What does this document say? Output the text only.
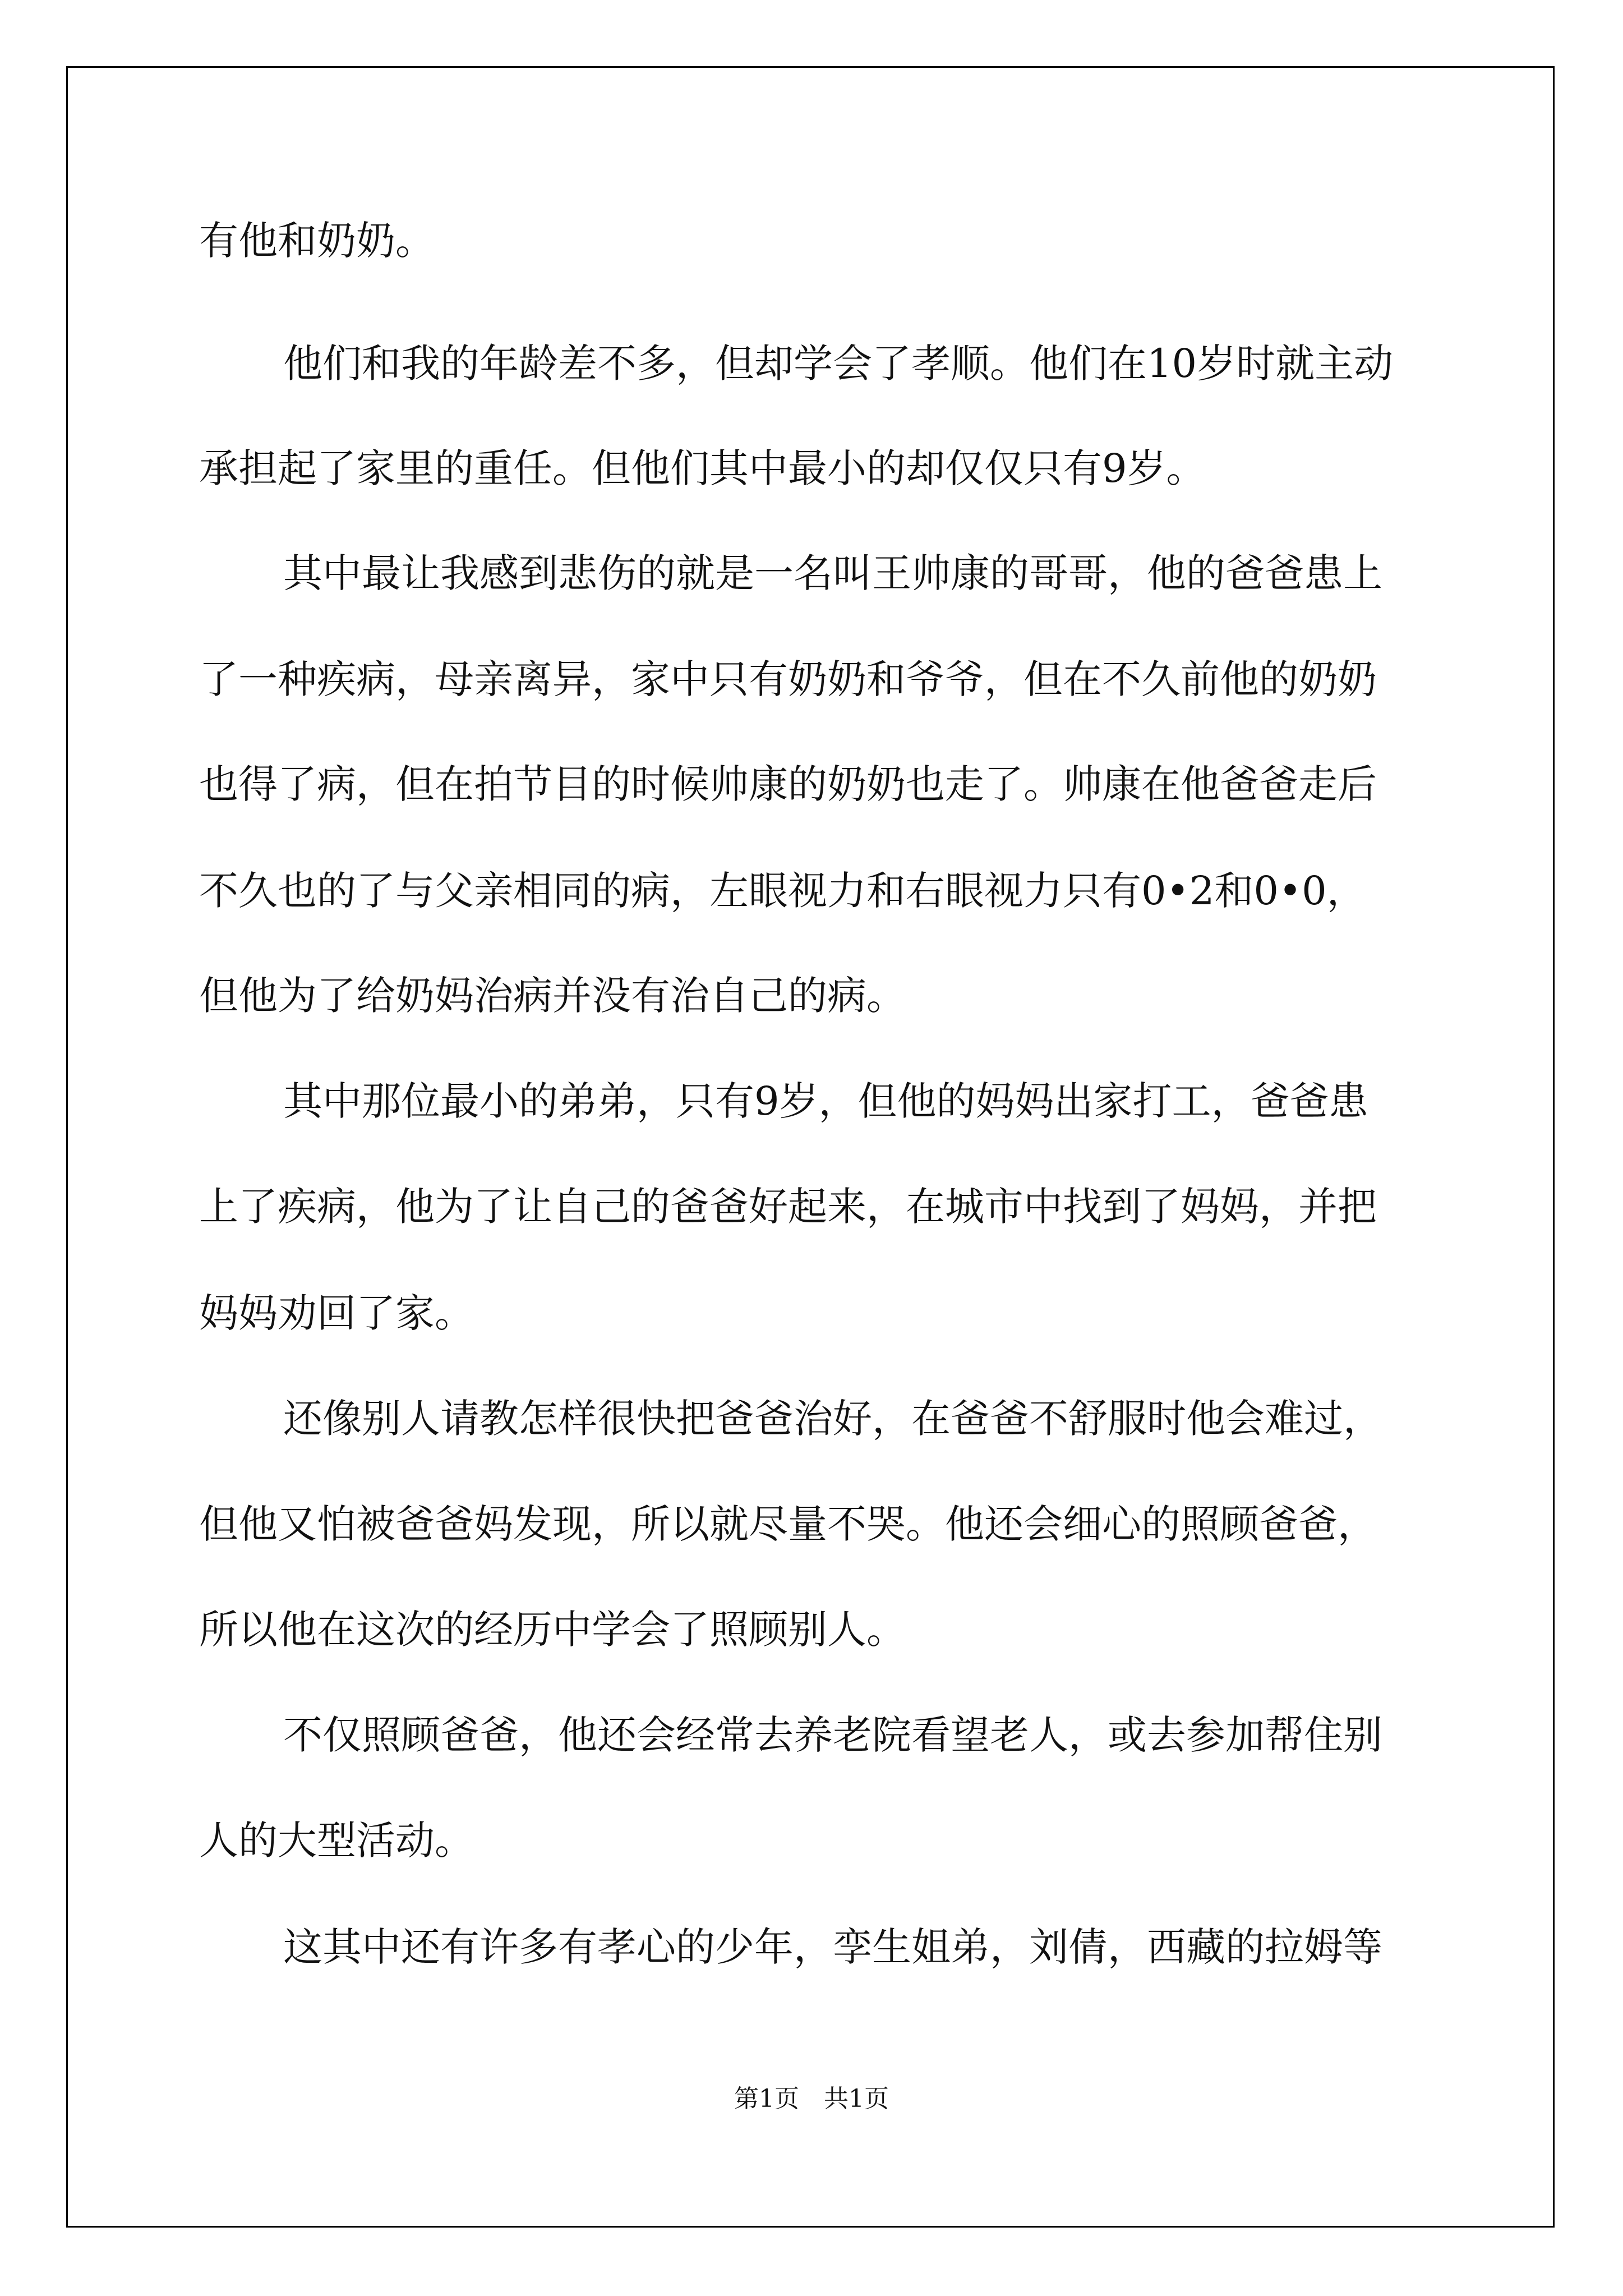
有他和奶奶。

他们和我的年龄差不多，但却学会了孝顺。他们在10岁时就主动

承担起了家里的重任。但他们其中最小的却仅仅只有9岁。

其中最让我感到悲伤的就是一名叫王帅康的哥哥，他的爸爸患上

了一种疾病，母亲离异，家中只有奶奶和爷爷，但在不久前他的奶奶

也得了病，但在拍节目的时候帅康的奶奶也走了。帅康在他爸爸走后

不久也的了与父亲相同的病，左眼视力和右眼视力只有0•2和0•0，

但他为了给奶妈治病并没有治自己的病。

其中那位最小的弟弟，只有9岁，但他的妈妈出家打工，爸爸患

上了疾病，他为了让自己的爸爸好起来，在城市中找到了妈妈，并把

妈妈劝回了家。

还像别人请教怎样很快把爸爸治好，在爸爸不舒服时他会难过，

但他又怕被爸爸妈发现，所以就尽量不哭。他还会细心的照顾爸爸，

所以他在这次的经历中学会了照顾别人。

不仅照顾爸爸，他还会经常去养老院看望老人，或去参加帮住别

人的大型活动。

这其中还有许多有孝心的少年，孪生姐弟，刘倩，西藏的拉姆等

第1页　共1页
